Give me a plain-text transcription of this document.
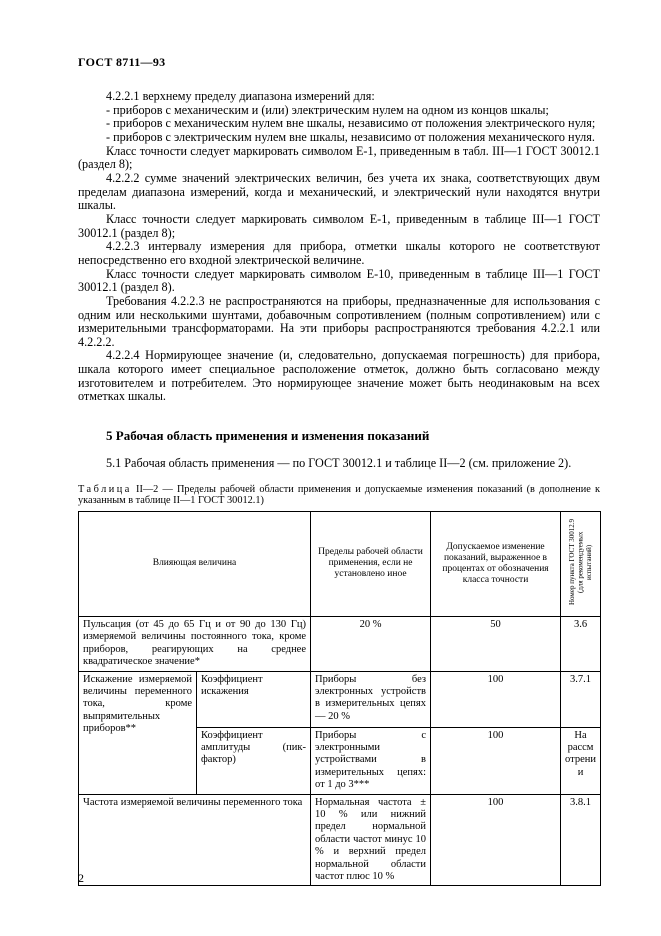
ГОСТ 8711—93

4.2.2.1 верхнему пределу диапазона измерений для:

- приборов с механическим и (или) электрическим нулем на одном из концов шкалы;

- приборов с механическим нулем вне шкалы, независимо от положения электрического нуля;

- приборов с электрическим нулем вне шкалы, независимо от положения механического нуля.

Класс точности следует маркировать символом Е-1, приведенным в табл. III—1 ГОСТ 30012.1 (раздел 8);

4.2.2.2 сумме значений электрических величин, без учета их знака, соответствующих двум пределам диапазона измерений, когда и механический, и электрический нули находятся внутри шкалы.

Класс точности следует маркировать символом Е-1, приведенным в таблице III—1 ГОСТ 30012.1 (раздел 8);

4.2.2.3 интервалу измерения для прибора, отметки шкалы которого не соответствуют непосредственно его входной электрической величине.

Класс точности следует маркировать символом Е-10, приведенным в таблице III—1 ГОСТ 30012.1 (раздел 8).

Требования 4.2.2.3 не распространяются на приборы, предназначенные для использования с одним или несколькими шунтами, добавочным сопротивлением (полным сопротивлением) или с измерительными трансформаторами. На эти приборы распространяются требования 4.2.2.1 или 4.2.2.2.

4.2.2.4 Нормирующее значение (и, следовательно, допускаемая погрешность) для прибора, шкала которого имеет специальное расположение отметок, должно быть согласовано между изготовителем и потребителем. Это нормирующее значение может быть неодинаковым на всех отметках шкалы.

5 Рабочая область применения и изменения показаний

5.1 Рабочая область применения — по ГОСТ 30012.1 и таблице II—2 (см. приложение 2).

Таблица II—2 — Пределы рабочей области применения и допускаемые изменения показаний (в дополнение к указанным в таблице II—1 ГОСТ 30012.1)

Влияющая величина		Пределы рабочей области применения, если не установлено иное	Допускаемое изменение показаний, выраженное в процентах от обозначения класса точности	Номер пункта ГОСТ 30012.9 (для рекомендуемых испытаний)
Пульсация (от 45 до 65 Гц и от 90 до 130 Гц) измеряемой величины постоянного тока, кроме приборов, реагирующих на среднее квадратическое значение*		20 %	50	3.6
Искажение измеряемой величины переменного тока, кроме выпрямительных приборов**	Коэффициент искажения	Приборы без электронных устройств в измерительных цепях — 20 %	100	3.7.1
	Коэффициент амплитуды (пик-фактор)	Приборы с электронными устройствами в измерительных цепях: от 1 до 3***	100	На рассмотрении
Частота измеряемой величины переменного тока		Нормальная частота ± 10 % или нижний предел нормальной области частот минус 10 % и верхний предел нормальной области частот плюс 10 %	100	3.8.1
2
